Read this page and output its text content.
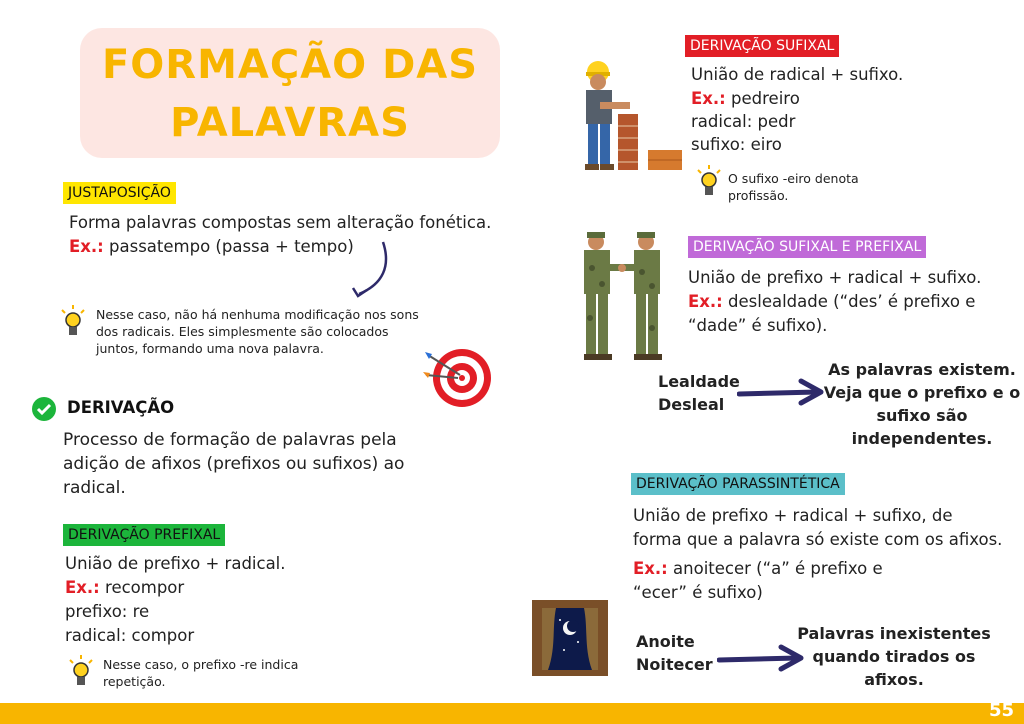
FORMAÇÃO DAS
PALAVRAS
JUSTAPOSIÇÃO
Forma palavras compostas sem alteração fonética.
Ex.: passatempo (passa + tempo)
Nesse caso, não há nenhuma modificação nos sons
dos radicais. Eles simplesmente são colocados
juntos, formando uma nova palavra.
DERIVAÇÃO
Processo de formação de palavras pela
adição de afixos (prefixos ou sufixos) ao
radical.
DERIVAÇÃO PREFIXAL
União de prefixo + radical.
Ex.: recompor
prefixo: re
radical: compor
Nesse caso, o prefixo -re indica
repetição.
DERIVAÇÃO SUFIXAL
União de radical + sufixo.
Ex.: pedreiro
radical: pedr
sufixo: eiro
O sufixo -eiro denota
profissão.
DERIVAÇÃO SUFIXAL E PREFIXAL
União de prefixo + radical + sufixo.
Ex.: deslealdade (“des’ é prefixo e
“dade” é sufixo).
Lealdade
Desleal
As palavras existem.
Veja que o prefixo e o
sufixo são
independentes.
DERIVAÇÃO PARASSINTÉTICA
União de prefixo + radical + sufixo, de
forma que a palavra só existe com os afixos.
Ex.: anoitecer (“a” é prefixo e
“ecer” é sufixo)
Anoite
Noitecer
Palavras inexistentes
quando tirados os
afixos.
55
